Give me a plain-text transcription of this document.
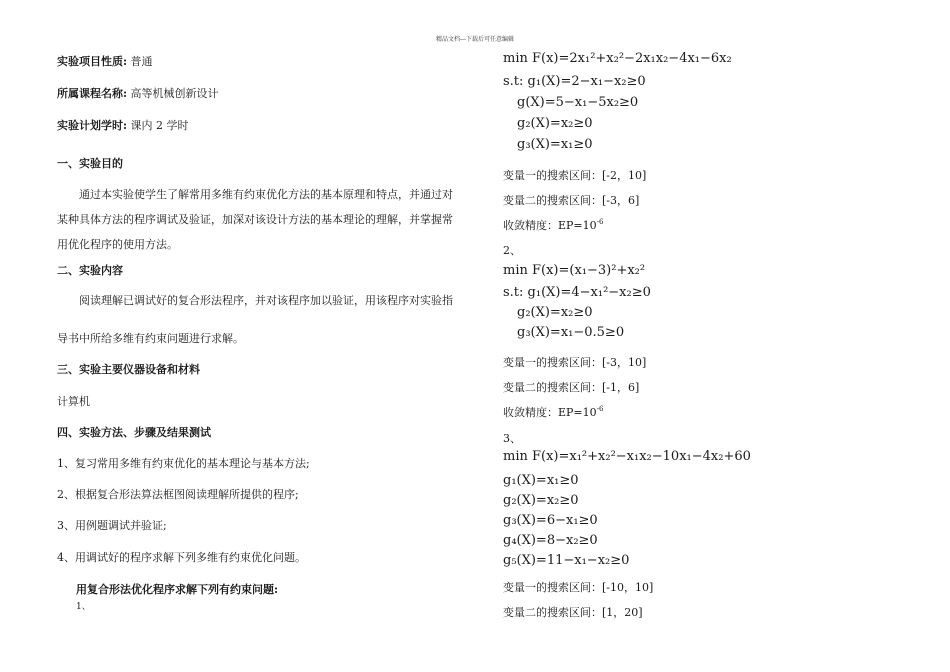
精品文档---下载后可任意编辑
实验项目性质: 普通
所属课程名称: 高等机械创新设计
实验计划学时: 课内 2 学时
一、实验目的
通过本实验使学生了解常用多维有约束优化方法的基本原理和特点，并通过对
某种具体方法的程序调试及验证，加深对该设计方法的基本理论的理解，并掌握常
用优化程序的使用方法。
二、实验内容
阅读理解已调试好的复合形法程序，并对该程序加以验证，用该程序对实验指
导书中所给多维有约束问题进行求解。
三、实验主要仪器设备和材料
计算机
四、实验方法、步骤及结果测试
1、复习常用多维有约束优化的基本理论与基本方法;
2、根据复合形法算法框图阅读理解所提供的程序;
3、用例题调试并验证;
4、用调试好的程序求解下列多维有约束优化问题。
用复合形法优化程序求解下列有约束问题:
1、
min F(x)=2x₁²+x₂²−2x₁x₂−4x₁−6x₂
s.t: g₁(X)=2−x₁−x₂≥0
g(X)=5−x₁−5x₂≥0
g₂(X)=x₂≥0
g₃(X)=x₁≥0
变量一的搜索区间：[-2，10]
变量二的搜索区间：[-3，6]
收敛精度：$EP=10^{-6}$
2、
min F(x)=(x₁−3)²+x₂²
s.t: g₁(X)=4−x₁²−x₂≥0
g₂(X)=x₂≥0
g₃(X)=x₁−0.5≥0
变量一的搜索区间：[-3，10]
变量二的搜索区间：[-1，6]
收敛精度：$EP=10^{-6}$
3、
min F(x)=x₁²+x₂²−x₁x₂−10x₁−4x₂+60
g₁(X)=x₁≥0
g₂(X)=x₂≥0
g₃(X)=6−x₁≥0
g₄(X)=8−x₂≥0
g₅(X)=11−x₁−x₂≥0
变量一的搜索区间：[-10，10]
变量二的搜索区间：[1，20]
